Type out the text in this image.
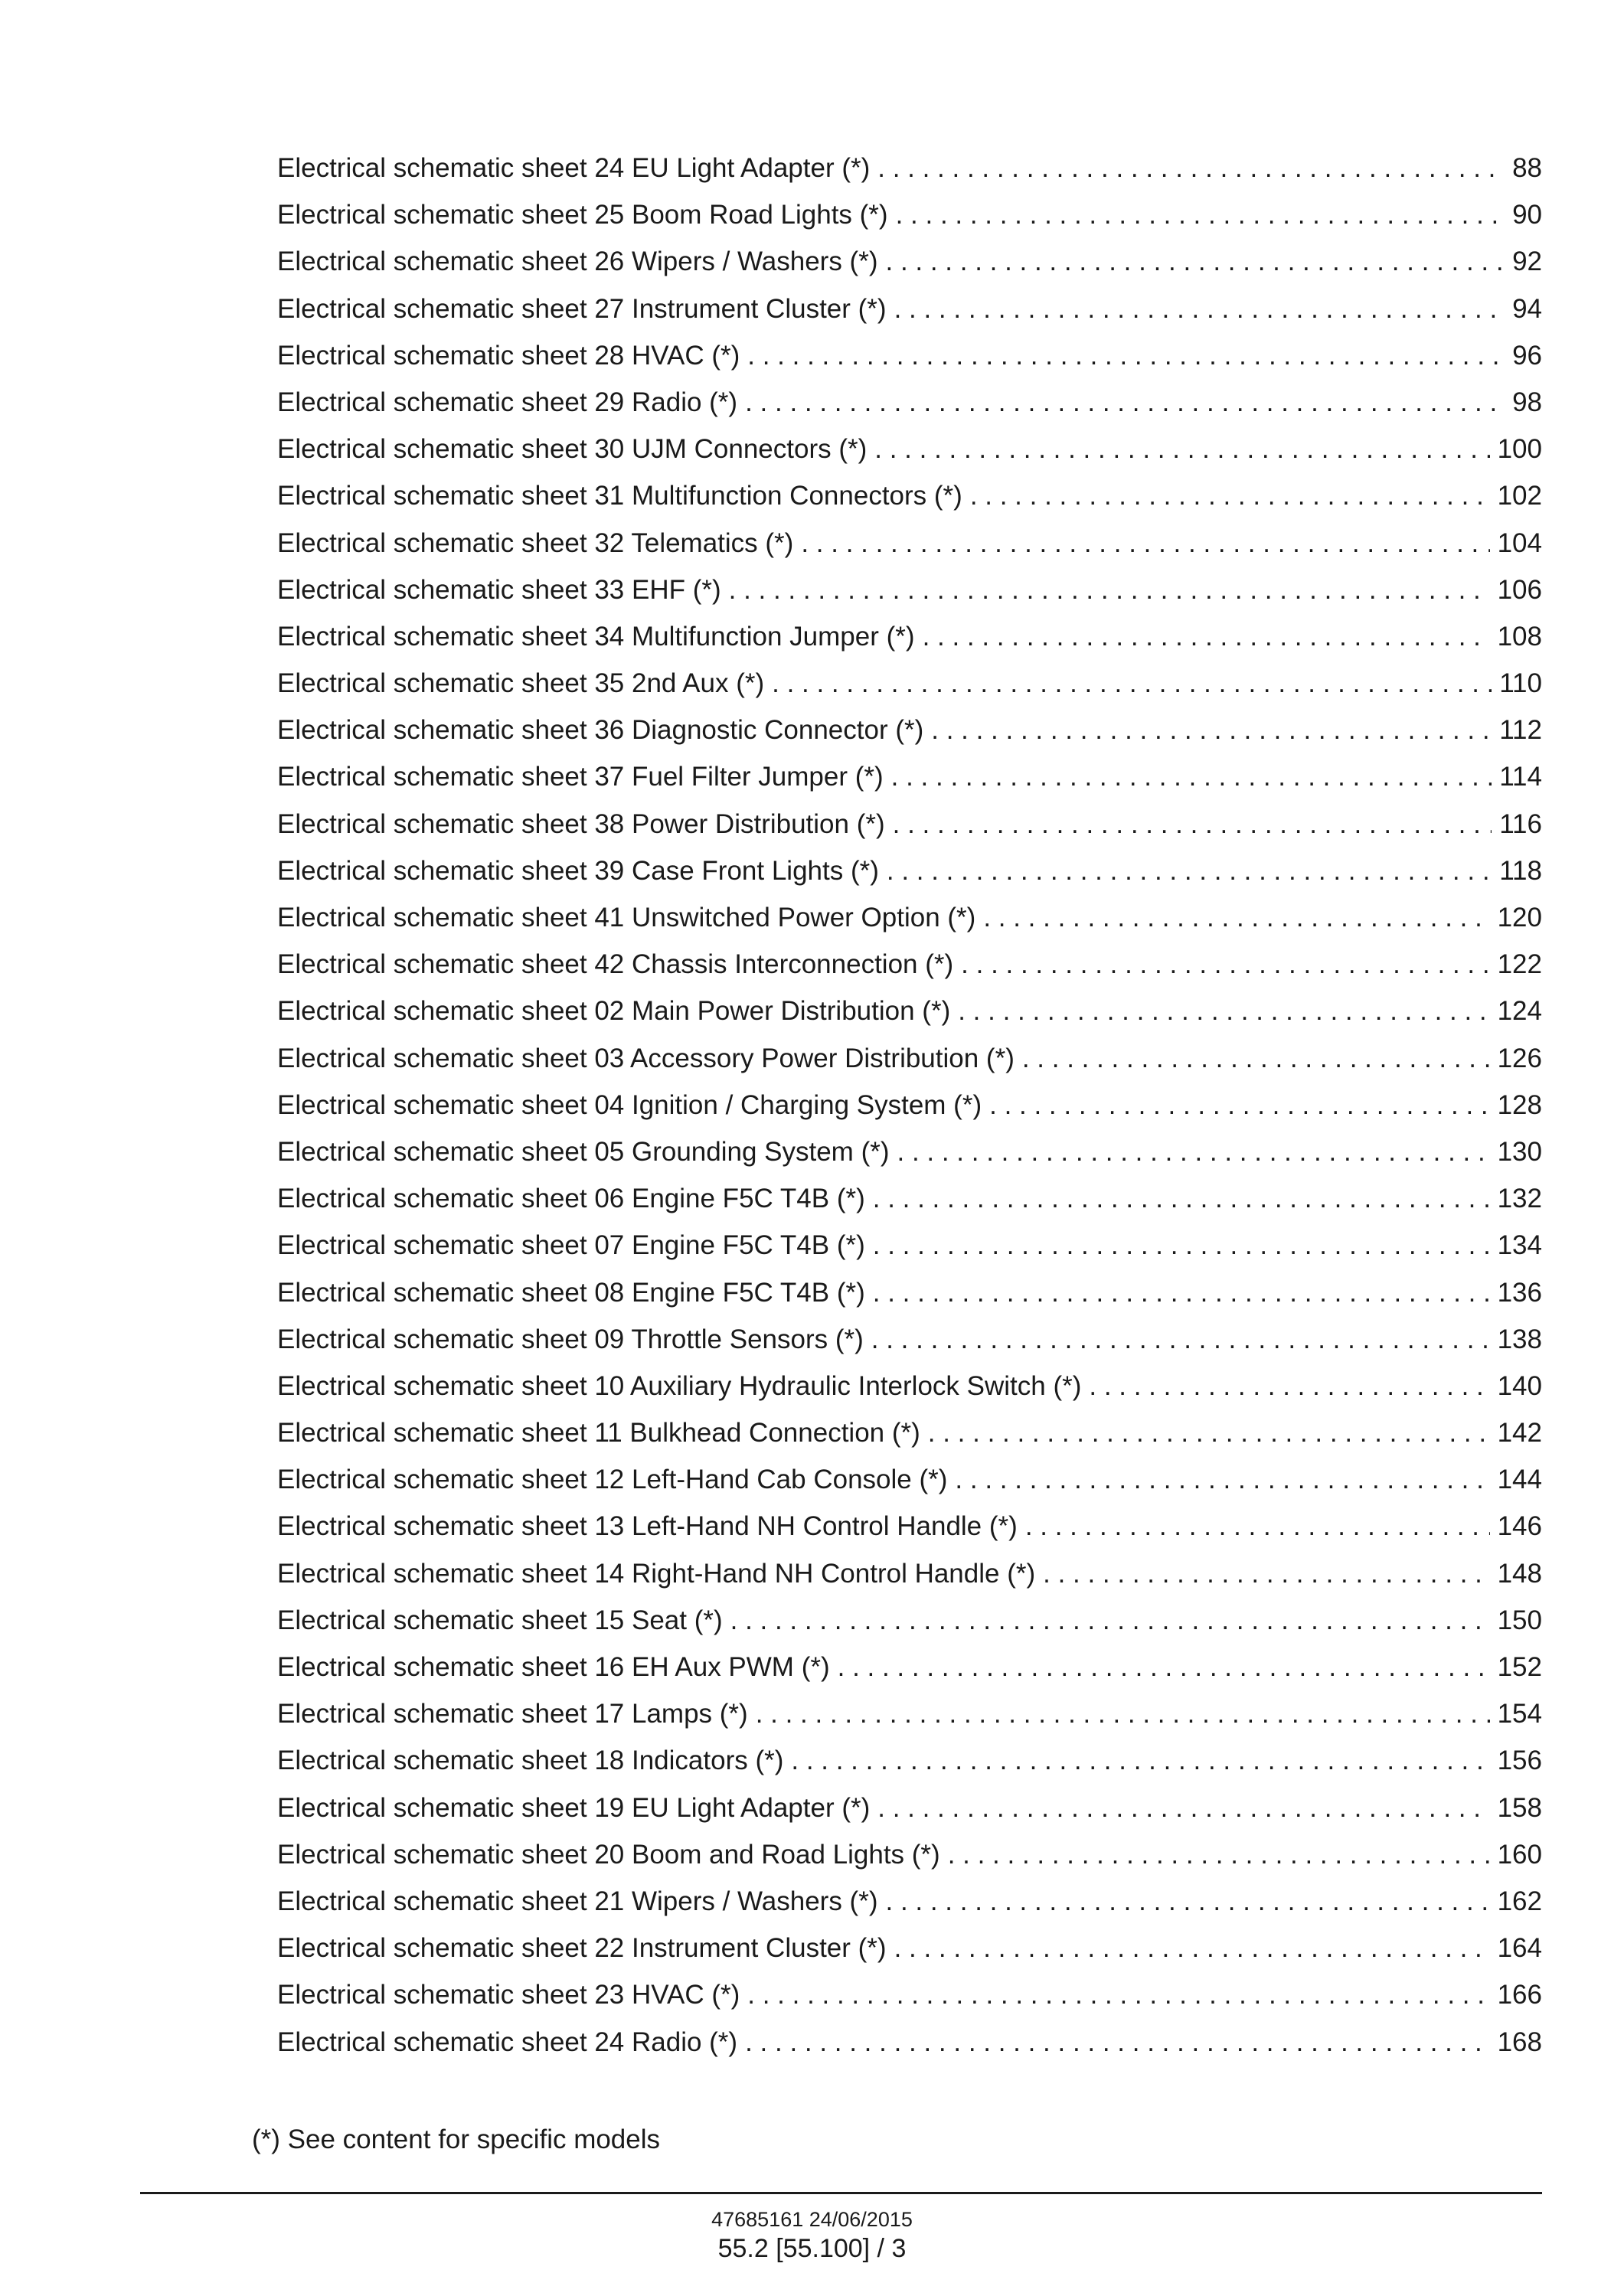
Electrical schematic sheet 24 EU Light Adapter (*) . . .	88
Electrical schematic sheet 25 Boom Road Lights (*) . . .	90
Electrical schematic sheet 26 Wipers / Washers (*) . . .	92
Electrical schematic sheet 27 Instrument Cluster (*) . . .	94
Electrical schematic sheet 28 HVAC (*) . . .	96
Electrical schematic sheet 29 Radio (*) . . .	98
Electrical schematic sheet 30 UJM Connectors (*) . . .	100
Electrical schematic sheet 31 Multifunction Connectors (*) . . .	102
Electrical schematic sheet 32 Telematics (*) . . .	104
Electrical schematic sheet 33 EHF (*) . . .	106
Electrical schematic sheet 34 Multifunction Jumper (*) . . .	108
Electrical schematic sheet 35 2nd Aux (*) . . .	110
Electrical schematic sheet 36 Diagnostic Connector (*) . . .	112
Electrical schematic sheet 37 Fuel Filter Jumper (*) . . .	114
Electrical schematic sheet 38 Power Distribution (*) . . .	116
Electrical schematic sheet 39 Case Front Lights (*) . . .	118
Electrical schematic sheet 41 Unswitched Power Option (*) . . .	120
Electrical schematic sheet 42 Chassis Interconnection (*) . . .	122
Electrical schematic sheet 02 Main Power Distribution (*) . . .	124
Electrical schematic sheet 03 Accessory Power Distribution (*) . . .	126
Electrical schematic sheet 04 Ignition / Charging System (*) . . .	128
Electrical schematic sheet 05 Grounding System (*) . . .	130
Electrical schematic sheet 06 Engine F5C T4B (*) . . .	132
Electrical schematic sheet 07 Engine F5C T4B (*) . . .	134
Electrical schematic sheet 08 Engine F5C T4B (*) . . .	136
Electrical schematic sheet 09 Throttle Sensors (*) . . .	138
Electrical schematic sheet 10 Auxiliary Hydraulic Interlock Switch (*) . . .	140
Electrical schematic sheet 11 Bulkhead Connection (*) . . .	142
Electrical schematic sheet 12 Left-Hand Cab Console (*) . . .	144
Electrical schematic sheet 13 Left-Hand NH Control Handle (*) . . .	146
Electrical schematic sheet 14 Right-Hand NH Control Handle (*) . . .	148
Electrical schematic sheet 15 Seat (*) . . .	150
Electrical schematic sheet 16 EH Aux PWM (*) . . .	152
Electrical schematic sheet 17 Lamps (*) . . .	154
Electrical schematic sheet 18 Indicators (*) . . .	156
Electrical schematic sheet 19 EU Light Adapter (*) . . .	158
Electrical schematic sheet 20 Boom and Road Lights (*) . . .	160
Electrical schematic sheet 21 Wipers / Washers (*) . . .	162
Electrical schematic sheet 22 Instrument Cluster (*) . . .	164
Electrical schematic sheet 23 HVAC (*) . . .	166
Electrical schematic sheet 24 Radio (*) . . .	168
(*) See content for specific models
47685161 24/06/2015
55.2 [55.100] / 3
